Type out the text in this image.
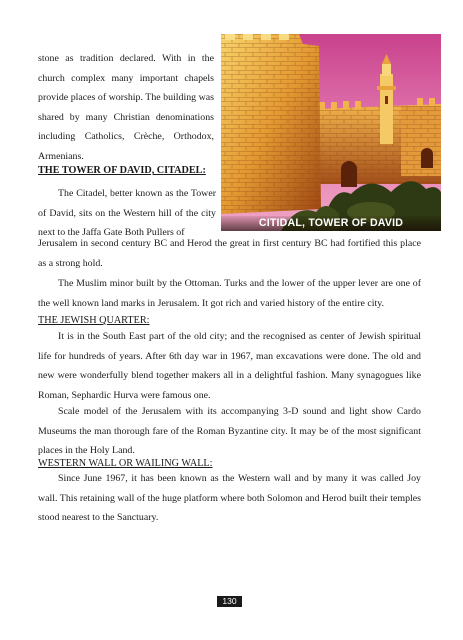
stone as tradition declared. With in the church complex many important chapels provide places of worship. The building was shared by many Christian denominations including Catholics, Crèche, Orthodox, Armenians.

CITIDAL, TOWER OF DAVID
THE TOWER OF DAVID, CITADEL:

The Citadel, better known as the Tower of David, sits on the Western hill of the city next to the Jaffa Gate Both Pullers of

Jerusalem in second century BC and Herod the great in first century BC had fortified this place as a strong hold.

The Muslim minor built by the Ottoman. Turks and the lower of the upper lever are one of the well known land marks in Jerusalem. It got rich and varied history of the entire city.

THE JEWISH QUARTER:

It is in the South East part of the old city; and the recognised as center of Jewish spiritual life for hundreds of years. After 6th day war in 1967, man excavations were done. The old and new were wonderfully blend together makers all in a delightful fashion. Many synagogues like Roman, Sephardic Hurva were famous one.

Scale model of the Jerusalem with its accompanying 3-D sound and light show Cardo Museums the man thorough fare of the Roman Byzantine city. It may be of the most significant places in the Holy Land.

WESTERN WALL OR WAILING WALL:

Since June 1967, it has been known as the Western wall and by many it was called Joy wall. This retaining wall of the huge platform where both Solomon and Herod built their temples stood nearest to the Sanctuary.

130
